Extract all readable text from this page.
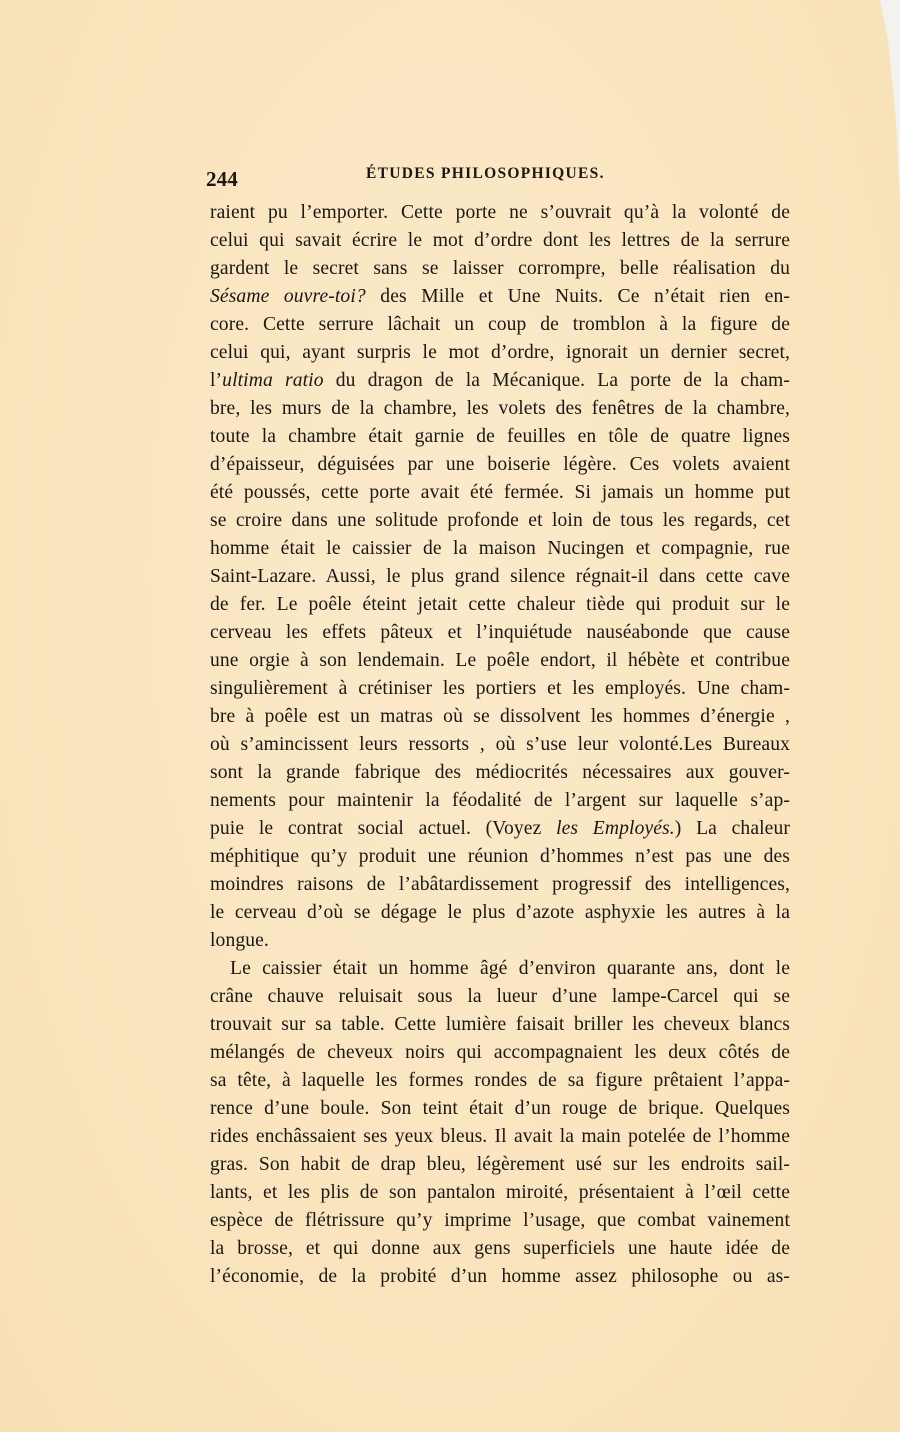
244	ÉTUDES PHILOSOPHIQUES.
raient pu l’emporter. Cette porte ne s’ouvrait qu’à la volonté de
celui qui savait écrire le mot d’ordre dont les lettres de la serrure
gardent le secret sans se laisser corrompre, belle réalisation du
Sésame ouvre-toi? des Mille et Une Nuits. Ce n’était rien en-
core. Cette serrure lâchait un coup de tromblon à la figure de
celui qui, ayant surpris le mot d’ordre, ignorait un dernier secret,
l’ultima ratio du dragon de la Mécanique. La porte de la cham-
bre, les murs de la chambre, les volets des fenêtres de la chambre,
toute la chambre était garnie de feuilles en tôle de quatre lignes
d’épaisseur, déguisées par une boiserie légère. Ces volets avaient
été poussés, cette porte avait été fermée. Si jamais un homme put
se croire dans une solitude profonde et loin de tous les regards, cet
homme était le caissier de la maison Nucingen et compagnie, rue
Saint-Lazare. Aussi, le plus grand silence régnait-il dans cette cave
de fer. Le poêle éteint jetait cette chaleur tiède qui produit sur le
cerveau les effets pâteux et l’inquiétude nauséabonde que cause
une orgie à son lendemain. Le poêle endort, il hébète et contribue
singulièrement à crétiniser les portiers et les employés. Une cham-
bre à poêle est un matras où se dissolvent les hommes d’énergie ,
où s’amincissent leurs ressorts , où s’use leur volonté.Les Bureaux
sont la grande fabrique des médiocrités nécessaires aux gouver-
nements pour maintenir la féodalité de l’argent sur laquelle s’ap-
puie le contrat social actuel. (Voyez les Employés.) La chaleur
méphitique qu’y produit une réunion d’hommes n’est pas une des
moindres raisons de l’abâtardissement progressif des intelligences,
le cerveau d’où se dégage le plus d’azote asphyxie les autres à la
longue.
Le caissier était un homme âgé d’environ quarante ans, dont le
crâne chauve reluisait sous la lueur d’une lampe-Carcel qui se
trouvait sur sa table. Cette lumière faisait briller les cheveux blancs
mélangés de cheveux noirs qui accompagnaient les deux côtés de
sa tête, à laquelle les formes rondes de sa figure prêtaient l’appa-
rence d’une boule. Son teint était d’un rouge de brique. Quelques
rides enchâssaient ses yeux bleus. Il avait la main potelée de l’homme
gras. Son habit de drap bleu, légèrement usé sur les endroits sail-
lants, et les plis de son pantalon miroité, présentaient à l’œil cette
espèce de flétrissure qu’y imprime l’usage, que combat vainement
la brosse, et qui donne aux gens superficiels une haute idée de
l’économie, de la probité d’un homme assez philosophe ou as-
